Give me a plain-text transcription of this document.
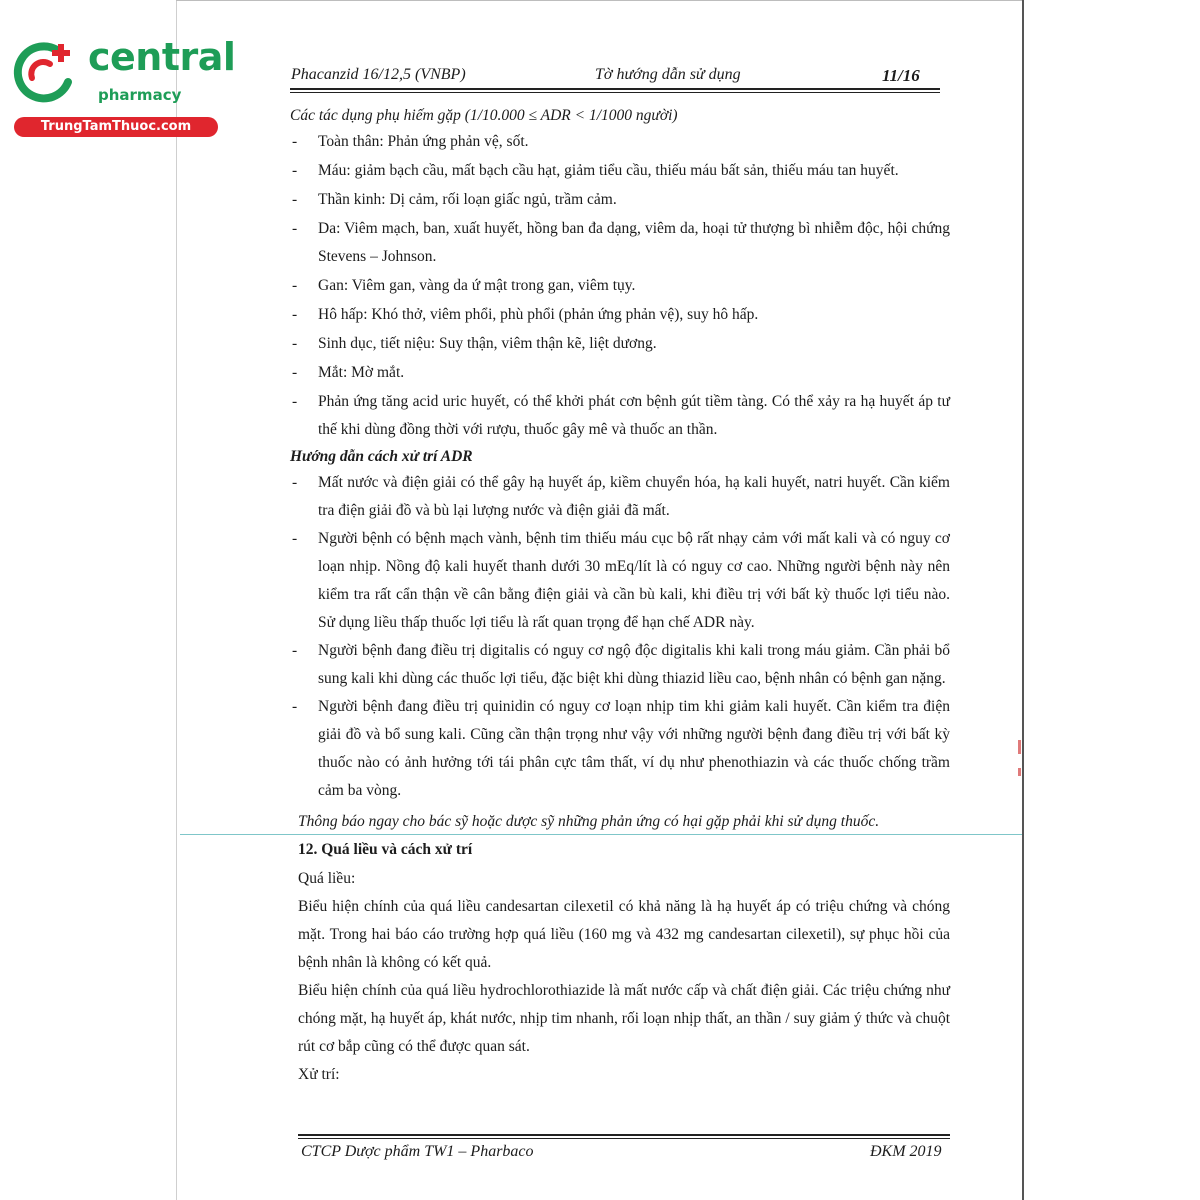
central
pharmacy
TrungTamThuoc.com
Phacanzid 16/12,5 (VNBP)	Tờ hướng dẫn sử dụng	11/16

Các tác dụng phụ hiếm gặp (1/10.000 ≤ ADR < 1/1000 người)

- Toàn thân: Phản ứng phản vệ, sốt.
- Máu: giảm bạch cầu, mất bạch cầu hạt, giảm tiểu cầu, thiếu máu bất sản, thiếu máu tan huyết.
- Thần kinh: Dị cảm, rối loạn giấc ngủ, trầm cảm.
- Da: Viêm mạch, ban, xuất huyết, hồng ban đa dạng, viêm da, hoại tử thượng bì nhiễm độc, hội chứng Stevens – Johnson.
- Gan: Viêm gan, vàng da ứ mật trong gan, viêm tụy.
- Hô hấp: Khó thở, viêm phổi, phù phổi (phản ứng phản vệ), suy hô hấp.
- Sinh dục, tiết niệu: Suy thận, viêm thận kẽ, liệt dương.
- Mắt: Mờ mắt.
- Phản ứng tăng acid uric huyết, có thể khởi phát cơn bệnh gút tiềm tàng. Có thể xảy ra hạ huyết áp tư thế khi dùng đồng thời với rượu, thuốc gây mê và thuốc an thần.

Hướng dẫn cách xử trí ADR

- Mất nước và điện giải có thể gây hạ huyết áp, kiềm chuyển hóa, hạ kali huyết, natri huyết. Cần kiểm tra điện giải đồ và bù lại lượng nước và điện giải đã mất.
- Người bệnh có bệnh mạch vành, bệnh tim thiếu máu cục bộ rất nhạy cảm với mất kali và có nguy cơ loạn nhịp. Nồng độ kali huyết thanh dưới 30 mEq/lít là có nguy cơ cao. Những người bệnh này nên kiểm tra rất cẩn thận về cân bằng điện giải và cần bù kali, khi điều trị với bất kỳ thuốc lợi tiểu nào. Sử dụng liều thấp thuốc lợi tiểu là rất quan trọng để hạn chế ADR này.
- Người bệnh đang điều trị digitalis có nguy cơ ngộ độc digitalis khi kali trong máu giảm. Cần phải bổ sung kali khi dùng các thuốc lợi tiểu, đặc biệt khi dùng thiazid liều cao, bệnh nhân có bệnh gan nặng.
- Người bệnh đang điều trị quinidin có nguy cơ loạn nhịp tim khi giảm kali huyết. Cần kiểm tra điện giải đồ và bổ sung kali. Cũng cần thận trọng như vậy với những người bệnh đang điều trị với bất kỳ thuốc nào có ảnh hưởng tới tái phân cực tâm thất, ví dụ như phenothiazin và các thuốc chống trầm cảm ba vòng.
Thông báo ngay cho bác sỹ hoặc dược sỹ những phản ứng có hại gặp phải khi sử dụng thuốc.
12. Quá liều và cách xử trí
Quá liều:
Biểu hiện chính của quá liều candesartan cilexetil có khả năng là hạ huyết áp có triệu chứng và chóng mặt. Trong hai báo cáo trường hợp quá liều (160 mg và 432 mg candesartan cilexetil), sự phục hồi của bệnh nhân là không có kết quả.
Biểu hiện chính của quá liều hydrochlorothiazide là mất nước cấp và chất điện giải. Các triệu chứng như chóng mặt, hạ huyết áp, khát nước, nhịp tim nhanh, rối loạn nhịp thất, an thần / suy giảm ý thức và chuột rút cơ bắp cũng có thể được quan sát.
Xử trí:
CTCP Dược phẩm TW1 – Pharbaco	ĐKM 2019
